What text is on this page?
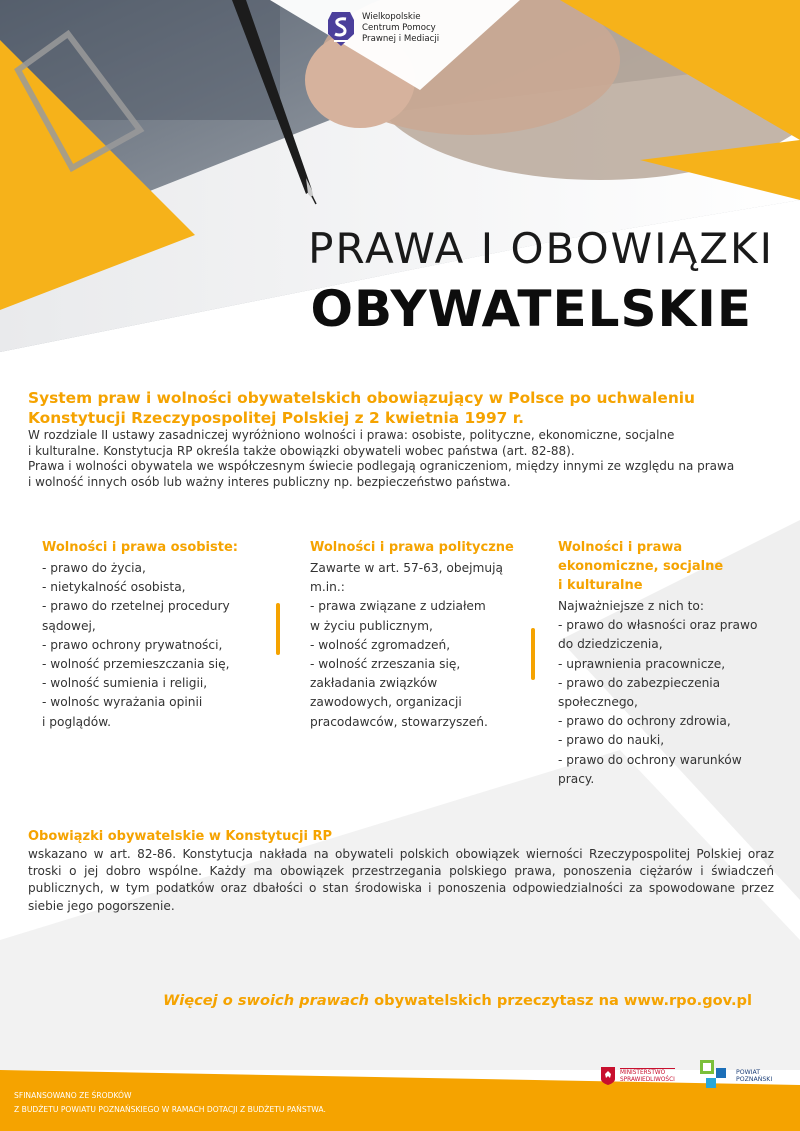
Wielkopolskie
Centrum Pomocy
Prawnej i Mediacji
PRAWA I OBOWIĄZKI
OBYWATELSKIE
System praw i wolności obywatelskich obowiązujący w Polsce po uchwaleniu Konstytucji Rzeczypospolitej Polskiej z 2 kwietnia 1997 r.

W rozdziale II ustawy zasadniczej wyróżniono wolności i prawa: osobiste, polityczne, ekonomiczne, socjalne

i kulturalne. Konstytucja RP określa także obowiązki obywateli wobec państwa (art. 82-88).

Prawa i wolności obywatela we współczesnym świecie podlegają ograniczeniom, między innymi ze względu na prawa

i wolność innych osób lub ważny interes publiczny np. bezpieczeństwo państwa.

Wolności i prawa osobiste:
- prawo do życia,
- nietykalność osobista,
- prawo do rzetelnej procedury
sądowej,
- prawo ochrony prywatności,
- wolność przemieszczania się,
- wolność sumienia i religii,
- wolnośc wyrażania opinii
i poglądów.
Wolności i prawa polityczne
Zawarte w art. 57-63, obejmują
m.in.:
- prawa związane z udziałem
w życiu publicznym,
- wolność zgromadzeń,
- wolność zrzeszania się,
zakładania związków
zawodowych, organizacji
pracodawców, stowarzyszeń.
Wolności i prawa
ekonomiczne, socjalne
i kulturalne
Najważniejsze z nich to:
- prawo do własności oraz prawo
do dziedziczenia,
- uprawnienia pracownicze,
- prawo do zabezpieczenia
społecznego,
- prawo do ochrony zdrowia,
- prawo do nauki,
- prawo do ochrony warunków
pracy.
Obowiązki obywatelskie w Konstytucji RP

wskazano w art. 82-86. Konstytucja nakłada na obywateli polskich obowiązek wierności Rzeczypospolitej Polskiej oraz troski o jej dobro wspólne. Każdy ma obowiązek przestrzegania polskiego prawa, ponoszenia ciężarów i świadczeń publicznych, w tym podatków oraz dbałości o stan środowiska i ponoszenia odpowiedzialności za spowodowane przez siebie jego pogorszenie.

Więcej o swoich prawach obywatelskich przeczytasz na www.rpo.gov.pl
SFINANSOWANO ZE ŚRODKÓW
Z BUDŻETU POWIATU POZNAŃSKIEGO W RAMACH DOTACJI Z BUDŻETU PAŃSTWA.
MINISTERSTWO
SPRAWIEDLIWOŚCI
POWIAT
POZNAŃSKI
